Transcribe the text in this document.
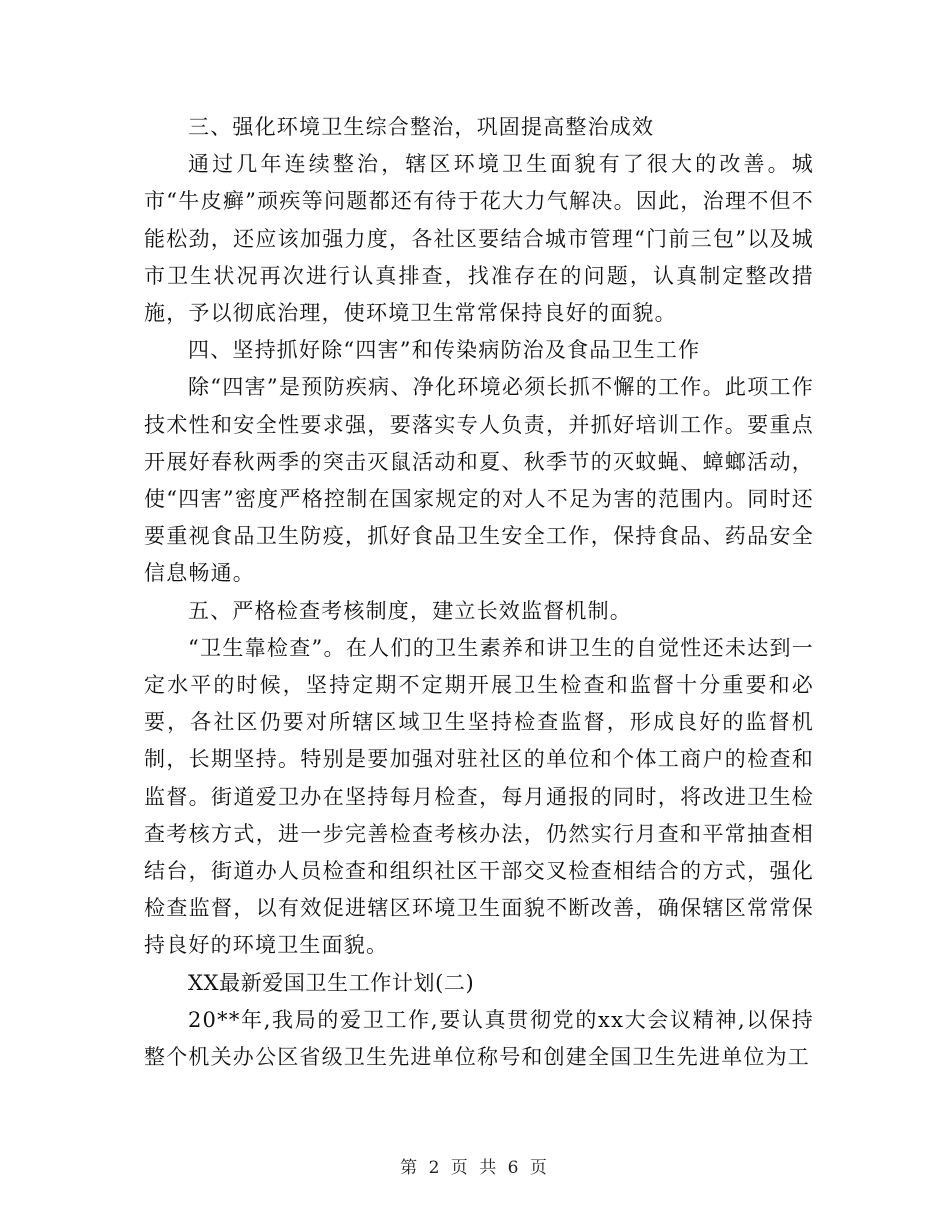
三、强化环境卫生综合整治，巩固提高整治成效

通过几年连续整治，辖区环境卫生面貌有了很大的改善。城市“牛皮癣”顽疾等问题都还有待于花大力气解决。因此，治理不但不能松劲，还应该加强力度，各社区要结合城市管理“门前三包”以及城市卫生状况再次进行认真排查，找准存在的问题，认真制定整改措施，予以彻底治理，使环境卫生常常保持良好的面貌。

四、坚持抓好除“四害”和传染病防治及食品卫生工作

除“四害”是预防疾病、净化环境必须长抓不懈的工作。此项工作技术性和安全性要求强，要落实专人负责，并抓好培训工作。要重点开展好春秋两季的突击灭鼠活动和夏、秋季节的灭蚊蝇、蟑螂活动，使“四害”密度严格控制在国家规定的对人不足为害的范围内。同时还要重视食品卫生防疫，抓好食品卫生安全工作，保持食品、药品安全信息畅通。

五、严格检查考核制度，建立长效监督机制。

“卫生靠检查”。在人们的卫生素养和讲卫生的自觉性还未达到一定水平的时候，坚持定期不定期开展卫生检查和监督十分重要和必要，各社区仍要对所辖区域卫生坚持检查监督，形成良好的监督机制，长期坚持。特别是要加强对驻社区的单位和个体工商户的检查和监督。街道爱卫办在坚持每月检查，每月通报的同时，将改进卫生检查考核方式，进一步完善检查考核办法，仍然实行月查和平常抽查相结台，街道办人员检查和组织社区干部交叉检查相结合的方式，强化检查监督，以有效促进辖区环境卫生面貌不断改善，确保辖区常常保持良好的环境卫生面貌。

XX最新爱国卫生工作计划(二)

20**年,我局的爱卫工作,要认真贯彻党的xx大会议精神,以保持整个机关办公区省级卫生先进单位称号和创建全国卫生先进单位为工

第 2 页 共 6 页
